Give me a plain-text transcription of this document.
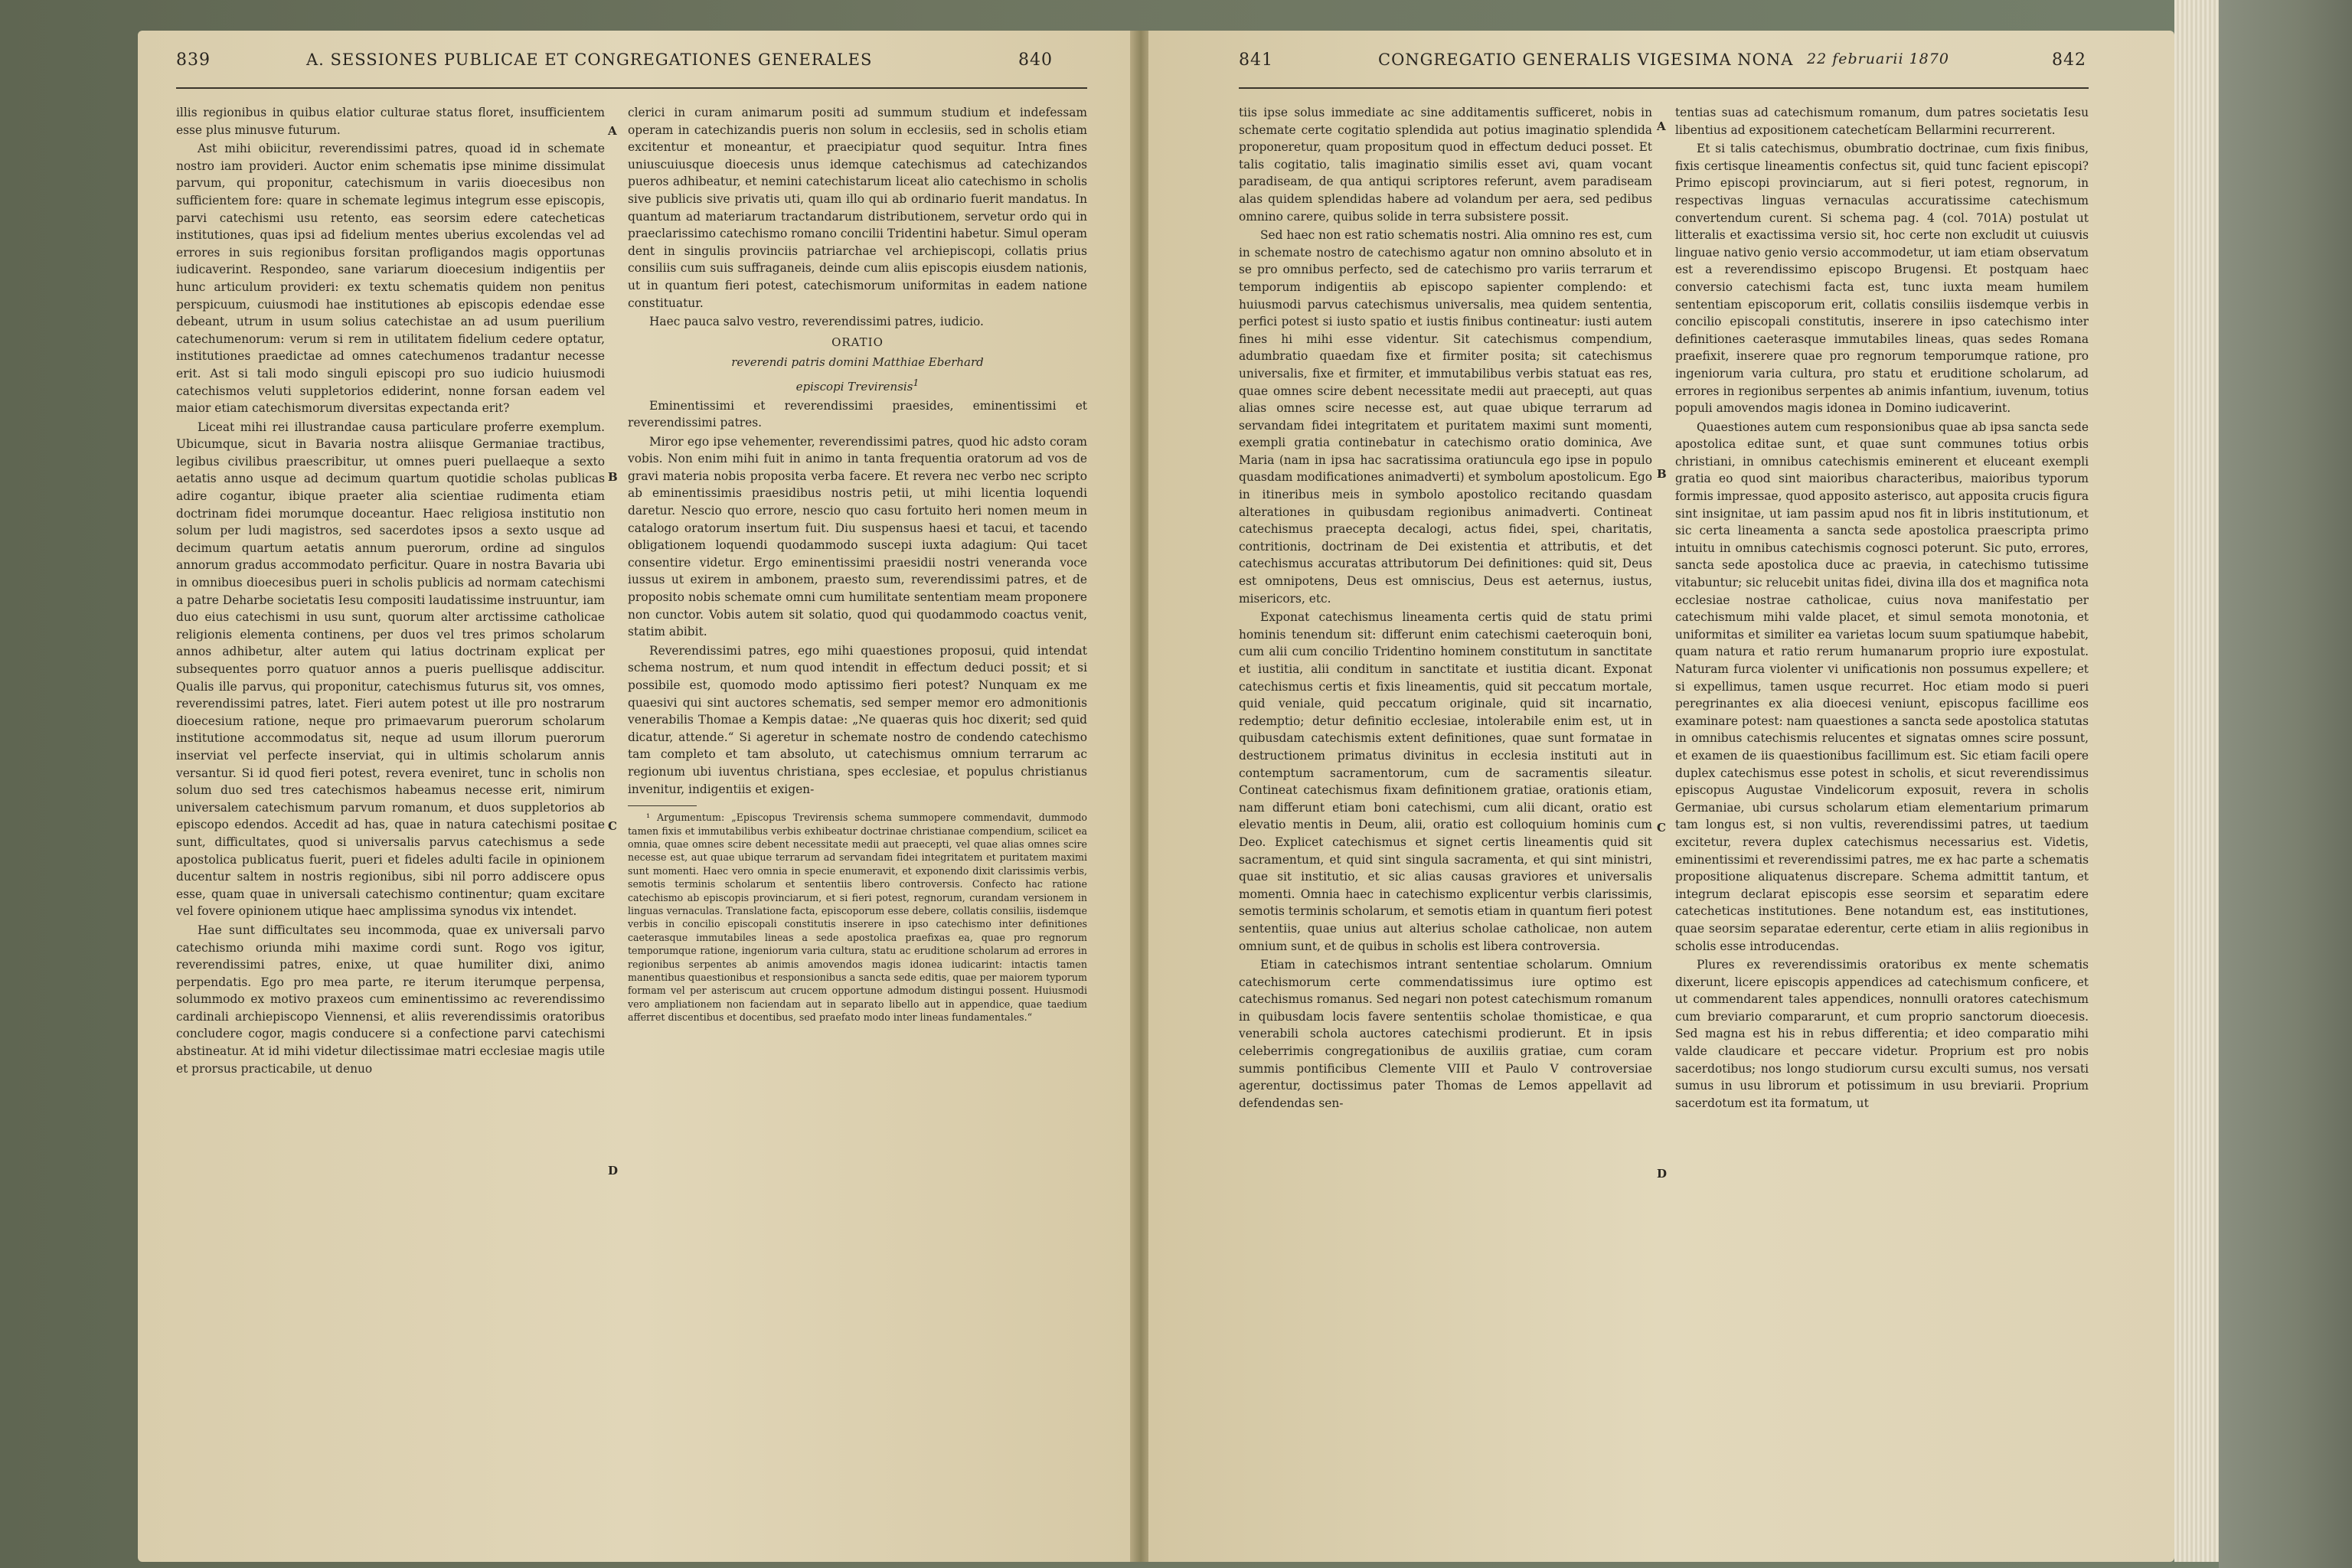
839	A. SESSIONES PUBLICAE ET CONGREGATIONES GENERALES	840

illis regionibus in quibus elatior culturae status floret, insufficientem esse plus minusve futurum.

Ast mihi obiicitur, reverendissimi patres, quoad id in schemate nostro iam provideri. Auctor enim schematis ipse minime dissimulat parvum, qui proponitur, catechismum in variis dioecesibus non sufficientem fore: quare in schemate legimus integrum esse episcopis, parvi catechismi usu retento, eas seorsim edere catecheticas institutiones, quas ipsi ad fidelium mentes uberius excolendas vel ad errores in suis regionibus forsitan profligandos magis opportunas iudicaverint. Respondeo, sane variarum dioecesium indigentiis per hunc articulum provideri: ex textu schematis quidem non penitus perspicuum, cuiusmodi hae institutiones ab episcopis edendae esse debeant, utrum in usum solius catechistae an ad usum puerilium catechumenorum: verum si rem in utilitatem fidelium cedere optatur, institutiones praedictae ad omnes catechumenos tradantur necesse erit. Ast si tali modo singuli episcopi pro suo iudicio huiusmodi catechismos veluti suppletorios ediderint, nonne forsan eadem vel maior etiam catechismorum diversitas expectanda erit?

Liceat mihi rei illustrandae causa particulare proferre exemplum. Ubicumque, sicut in Bavaria nostra aliisque Germaniae tractibus, legibus civilibus praescribitur, ut omnes pueri puellaeque a sexto aetatis anno usque ad decimum quartum quotidie scholas publicas adire cogantur, ibique praeter alia scientiae rudimenta etiam doctrinam fidei morumque doceantur. Haec religiosa institutio non solum per ludi magistros, sed sacerdotes ipsos a sexto usque ad decimum quartum aetatis annum puerorum, ordine ad singulos annorum gradus accommodato perficitur. Quare in nostra Bavaria ubi in omnibus dioecesibus pueri in scholis publicis ad normam catechismi a patre Deharbe societatis Iesu compositi laudatissime instruuntur, iam duo eius catechismi in usu sunt, quorum alter arctissime catholicae religionis elementa continens, per duos vel tres primos scholarum annos adhibetur, alter autem qui latius doctrinam explicat per subsequentes porro quatuor annos a pueris puellisque addiscitur. Qualis ille parvus, qui proponitur, catechismus futurus sit, vos omnes, reverendissimi patres, latet. Fieri autem potest ut ille pro nostrarum dioecesium ratione, neque pro primaevarum puerorum scholarum institutione accommodatus sit, neque ad usum illorum puerorum inserviat vel perfecte inserviat, qui in ultimis scholarum annis versantur. Si id quod fieri potest, revera eveniret, tunc in scholis non solum duo sed tres catechismos habeamus necesse erit, nimirum universalem catechismum parvum romanum, et duos suppletorios ab episcopo edendos. Accedit ad has, quae in natura catechismi positae sunt, difficultates, quod si universalis parvus catechismus a sede apostolica publicatus fuerit, pueri et fideles adulti facile in opinionem ducentur saltem in nostris regionibus, sibi nil porro addiscere opus esse, quam quae in universali catechismo continentur; quam excitare vel fovere opinionem utique haec amplissima synodus vix intendet.

Hae sunt difficultates seu incommoda, quae ex universali parvo catechismo oriunda mihi maxime cordi sunt. Rogo vos igitur, reverendissimi patres, enixe, ut quae humiliter dixi, animo perpendatis. Ego pro mea parte, re iterum iterumque perpensa, solummodo ex motivo praxeos cum eminentissimo ac reverendissimo cardinali archiepiscopo Viennensi, et aliis reverendissimis oratoribus concludere cogor, magis conducere si a confectione parvi catechismi abstineatur. At id mihi videtur dilectissimae matri ecclesiae magis utile et prorsus practicabile, ut denuo

A
B
C
D

clerici in curam animarum positi ad summum studium et indefessam operam in catechizandis pueris non solum in ecclesiis, sed in scholis etiam excitentur et moneantur, et praecipiatur quod sequitur. Intra fines uniuscuiusque dioecesis unus idemque catechismus ad catechizandos pueros adhibeatur, et nemini catechistarum liceat alio catechismo in scholis sive publicis sive privatis uti, quam illo qui ab ordinario fuerit mandatus. In quantum ad materiarum tractandarum distributionem, servetur ordo qui in praeclarissimo catechismo romano concilii Tridentini habetur. Simul operam dent in singulis provinciis patriarchae vel archiepiscopi, collatis prius consiliis cum suis suffraganeis, deinde cum aliis episcopis eiusdem nationis, ut in quantum fieri potest, catechismorum uniformitas in eadem natione constituatur.

Haec pauca salvo vestro, reverendissimi patres, iudicio.

ORATIO
reverendi patris domini Matthiae Eberhard
episcopi Trevirensis$^1$

Eminentissimi et reverendissimi praesides, eminentissimi et reverendissimi patres.

Miror ego ipse vehementer, reverendissimi patres, quod hic adsto coram vobis. Non enim mihi fuit in animo in tanta frequentia oratorum ad vos de gravi materia nobis proposita verba facere. Et revera nec verbo nec scripto ab eminentissimis praesidibus nostris petii, ut mihi licentia loquendi daretur. Nescio quo errore, nescio quo casu fortuito heri nomen meum in catalogo oratorum insertum fuit. Diu suspensus haesi et tacui, et tacendo obligationem loquendi quodammodo suscepi iuxta adagium: Qui tacet consentire videtur. Ergo eminentissimi praesidii nostri veneranda voce iussus ut exirem in ambonem, praesto sum, reverendissimi patres, et de proposito nobis schemate omni cum humilitate sententiam meam proponere non cunctor. Vobis autem sit solatio, quod qui quodammodo coactus venit, statim abibit.

Reverendissimi patres, ego mihi quaestiones proposui, quid intendat schema nostrum, et num quod intendit in effectum deduci possit; et si possibile est, quomodo modo aptissimo fieri potest? Nunquam ex me quaesivi qui sint auctores schematis, sed semper memor ero admonitionis venerabilis Thomae a Kempis datae: „Ne quaeras quis hoc dixerit; sed quid dicatur, attende.“ Si ageretur in schemate nostro de condendo catechismo tam completo et tam absoluto, ut catechismus omnium terrarum ac regionum ubi iuventus christiana, spes ecclesiae, et populus christianus invenitur, indigentiis et exigen-

¹ Argumentum: „Episcopus Trevirensis schema summopere commendavit, dummodo tamen fixis et immutabilibus verbis exhibeatur doctrinae christianae compendium, scilicet ea omnia, quae omnes scire debent necessitate medii aut praecepti, vel quae alias omnes scire necesse est, aut quae ubique terrarum ad servandam fidei integritatem et puritatem maximi sunt momenti. Haec vero omnia in specie enumeravit, et exponendo dixit clarissimis verbis, semotis terminis scholarum et sententiis libero controversis. Confecto hac ratione catechismo ab episcopis provinciarum, et si fieri potest, regnorum, curandam versionem in linguas vernaculas. Translatione facta, episcoporum esse debere, collatis consiliis, iisdemque verbis in concilio episcopali constitutis inserere in ipso catechismo inter definitiones caeterasque immutabiles lineas a sede apostolica praefixas ea, quae pro regnorum temporumque ratione, ingeniorum varia cultura, statu ac eruditione scholarum ad errores in regionibus serpentes ab animis amovendos magis idonea iudicarint: intactis tamen manentibus quaestionibus et responsionibus a sancta sede editis, quae per maiorem typorum formam vel per asteriscum aut crucem opportune admodum distingui possent. Huiusmodi vero ampliationem non faciendam aut in separato libello aut in appendice, quae taedium afferret discentibus et docentibus, sed praefato modo inter lineas fundamentales.“
841	CONGREGATIO GENERALIS VIGESIMA NONA 22 februarii 1870	842

tiis ipse solus immediate ac sine additamentis sufficeret, nobis in schemate certe cogitatio splendida aut potius imaginatio splendida proponeretur, quam propositum quod in effectum deduci posset. Et talis cogitatio, talis imaginatio similis esset avi, quam vocant paradiseam, de qua antiqui scriptores referunt, avem paradiseam alas quidem splendidas habere ad volandum per aera, sed pedibus omnino carere, quibus solide in terra subsistere possit.

Sed haec non est ratio schematis nostri. Alia omnino res est, cum in schemate nostro de catechismo agatur non omnino absoluto et in se pro omnibus perfecto, sed de catechismo pro variis terrarum et temporum indigentiis ab episcopo sapienter complendo: et huiusmodi parvus catechismus universalis, mea quidem sententia, perfici potest si iusto spatio et iustis finibus contineatur: iusti autem fines hi mihi esse videntur. Sit catechismus compendium, adumbratio quaedam fixe et firmiter posita; sit catechismus universalis, fixe et firmiter, et immutabilibus verbis statuat eas res, quae omnes scire debent necessitate medii aut praecepti, aut quas alias omnes scire necesse est, aut quae ubique terrarum ad servandam fidei integritatem et puritatem maximi sunt momenti, exempli gratia continebatur in catechismo oratio dominica, Ave Maria (nam in ipsa hac sacratissima oratiuncula ego ipse in populo quasdam modificationes animadverti) et symbolum apostolicum. Ego in itineribus meis in symbolo apostolico recitando quasdam alterationes in quibusdam regionibus animadverti. Contineat catechismus praecepta decalogi, actus fidei, spei, charitatis, contritionis, doctrinam de Dei existentia et attributis, et det catechismus accuratas attributorum Dei definitiones: quid sit, Deus est omnipotens, Deus est omniscius, Deus est aeternus, iustus, misericors, etc.

Exponat catechismus lineamenta certis quid de statu primi hominis tenendum sit: differunt enim catechismi caeteroquin boni, cum alii cum concilio Tridentino hominem constitutum in sanctitate et iustitia, alii conditum in sanctitate et iustitia dicant. Exponat catechismus certis et fixis lineamentis, quid sit peccatum mortale, quid veniale, quid peccatum originale, quid sit incarnatio, redemptio; detur definitio ecclesiae, intolerabile enim est, ut in quibusdam catechismis extent definitiones, quae sunt formatae in destructionem primatus divinitus in ecclesia instituti aut in contemptum sacramentorum, cum de sacramentis sileatur. Contineat catechismus fixam definitionem gratiae, orationis etiam, nam differunt etiam boni catechismi, cum alii dicant, oratio est elevatio mentis in Deum, alii, oratio est colloquium hominis cum Deo. Explicet catechismus et signet certis lineamentis quid sit sacramentum, et quid sint singula sacramenta, et qui sint ministri, quae sit institutio, et sic alias causas graviores et universalis momenti. Omnia haec in catechismo explicentur verbis clarissimis, semotis terminis scholarum, et semotis etiam in quantum fieri potest sententiis, quae unius aut alterius scholae catholicae, non autem omnium sunt, et de quibus in scholis est libera controversia.

Etiam in catechismos intrant sententiae scholarum. Omnium catechismorum certe commendatissimus iure optimo est catechismus romanus. Sed negari non potest catechismum romanum in quibusdam locis favere sententiis scholae thomisticae, e qua venerabili schola auctores catechismi prodierunt. Et in ipsis celeberrimis congregationibus de auxiliis gratiae, cum coram summis pontificibus Clemente VIII et Paulo V controversiae agerentur, doctissimus pater Thomas de Lemos appellavit ad defendendas sen-

A
B
C
D

tentias suas ad catechismum romanum, dum patres societatis Iesu libentius ad expositionem catechetícam Bellarmini recurrerent.

Et si talis catechismus, obumbratio doctrinae, cum fixis finibus, fixis certisque lineamentis confectus sit, quid tunc facient episcopi? Primo episcopi provinciarum, aut si fieri potest, regnorum, in respectivas linguas vernaculas accuratissime catechismum convertendum curent. Si schema pag. 4 (col. 701A) postulat ut litteralis et exactissima versio sit, hoc certe non excludit ut cuiusvis linguae nativo genio versio accommodetur, ut iam etiam observatum est a reverendissimo episcopo Brugensi. Et postquam haec conversio catechismi facta est, tunc iuxta meam humilem sententiam episcoporum erit, collatis consiliis iisdemque verbis in concilio episcopali constitutis, inserere in ipso catechismo inter definitiones caeterasque immutabiles lineas, quas sedes Romana praefixit, inserere quae pro regnorum temporumque ratione, pro ingeniorum varia cultura, pro statu et eruditione scholarum, ad errores in regionibus serpentes ab animis infantium, iuvenum, totius populi amovendos magis idonea in Domino iudicaverint.

Quaestiones autem cum responsionibus quae ab ipsa sancta sede apostolica editae sunt, et quae sunt communes totius orbis christiani, in omnibus catechismis eminerent et eluceant exempli gratia eo quod sint maioribus characteribus, maioribus typorum formis impressae, quod apposito asterisco, aut apposita crucis figura sint insignitae, ut iam passim apud nos fit in libris institutionum, et sic certa lineamenta a sancta sede apostolica praescripta primo intuitu in omnibus catechismis cognosci poterunt. Sic puto, errores, sancta sede apostolica duce ac praevia, in catechismo tutissime vitabuntur; sic relucebit unitas fidei, divina illa dos et magnifica nota ecclesiae nostrae catholicae, cuius nova manifestatio per catechismum mihi valde placet, et simul semota monotonia, et uniformitas et similiter ea varietas locum suum spatiumque habebit, quam natura et ratio rerum humanarum proprio iure expostulat. Naturam furca violenter vi unificationis non possumus expellere; et si expellimus, tamen usque recurret. Hoc etiam modo si pueri peregrinantes ex alia dioecesi veniunt, episcopus facillime eos examinare potest: nam quaestiones a sancta sede apostolica statutas in omnibus catechismis relucentes et signatas omnes scire possunt, et examen de iis quaestionibus facillimum est. Sic etiam facili opere duplex catechismus esse potest in scholis, et sicut reverendissimus episcopus Augustae Vindelicorum exposuit, revera in scholis Germaniae, ubi cursus scholarum etiam elementarium primarum tam longus est, si non vultis, reverendissimi patres, ut taedium excitetur, revera duplex catechismus necessarius est. Videtis, eminentissimi et reverendissimi patres, me ex hac parte a schematis propositione aliquatenus discrepare. Schema admittit tantum, et integrum declarat episcopis esse seorsim et separatim edere catecheticas institutiones. Bene notandum est, eas institutiones, quae seorsim separatae ederentur, certe etiam in aliis regionibus in scholis esse introducendas.

Plures ex reverendissimis oratoribus ex mente schematis dixerunt, licere episcopis appendices ad catechismum conficere, et ut commendarent tales appendices, nonnulli oratores catechismum cum breviario compararunt, et cum proprio sanctorum dioecesis. Sed magna est his in rebus differentia; et ideo comparatio mihi valde claudicare et peccare videtur. Proprium est pro nobis sacerdotibus; nos longo studiorum cursu exculti sumus, nos versati sumus in usu librorum et potissimum in usu breviarii. Proprium sacerdotum est ita formatum, ut
